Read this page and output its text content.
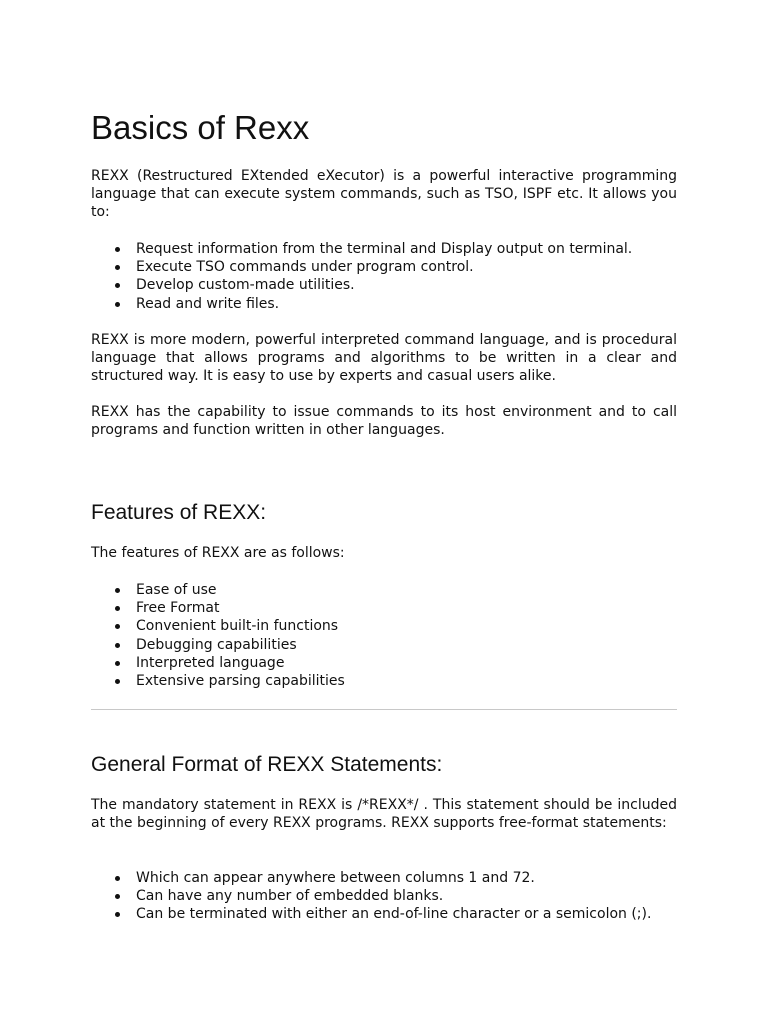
Basics of Rexx

REXX (Restructured EXtended eXecutor) is a powerful interactive programming language that can execute system commands, such as TSO, ISPF etc. It allows you to:

Request information from the terminal and Display output on terminal.
Execute TSO commands under program control.
Develop custom-made utilities.
Read and write files.

REXX is more modern, powerful interpreted command language, and is procedural language that allows programs and algorithms to be written in a clear and structured way. It is easy to use by experts and casual users alike.

REXX has the capability to issue commands to its host environment and to call programs and function written in other languages.

Features of REXX:

The features of REXX are as follows:

Ease of use
Free Format
Convenient built-in functions
Debugging capabilities
Interpreted language
Extensive parsing capabilities
General Format of REXX Statements:

The mandatory statement in REXX is /*REXX*/ . This statement should be included at the beginning of every REXX programs. REXX supports free-format statements:

Which can appear anywhere between columns 1 and 72.
Can have any number of embedded blanks.
Can be terminated with either an end-of-line character or a semicolon (;).
